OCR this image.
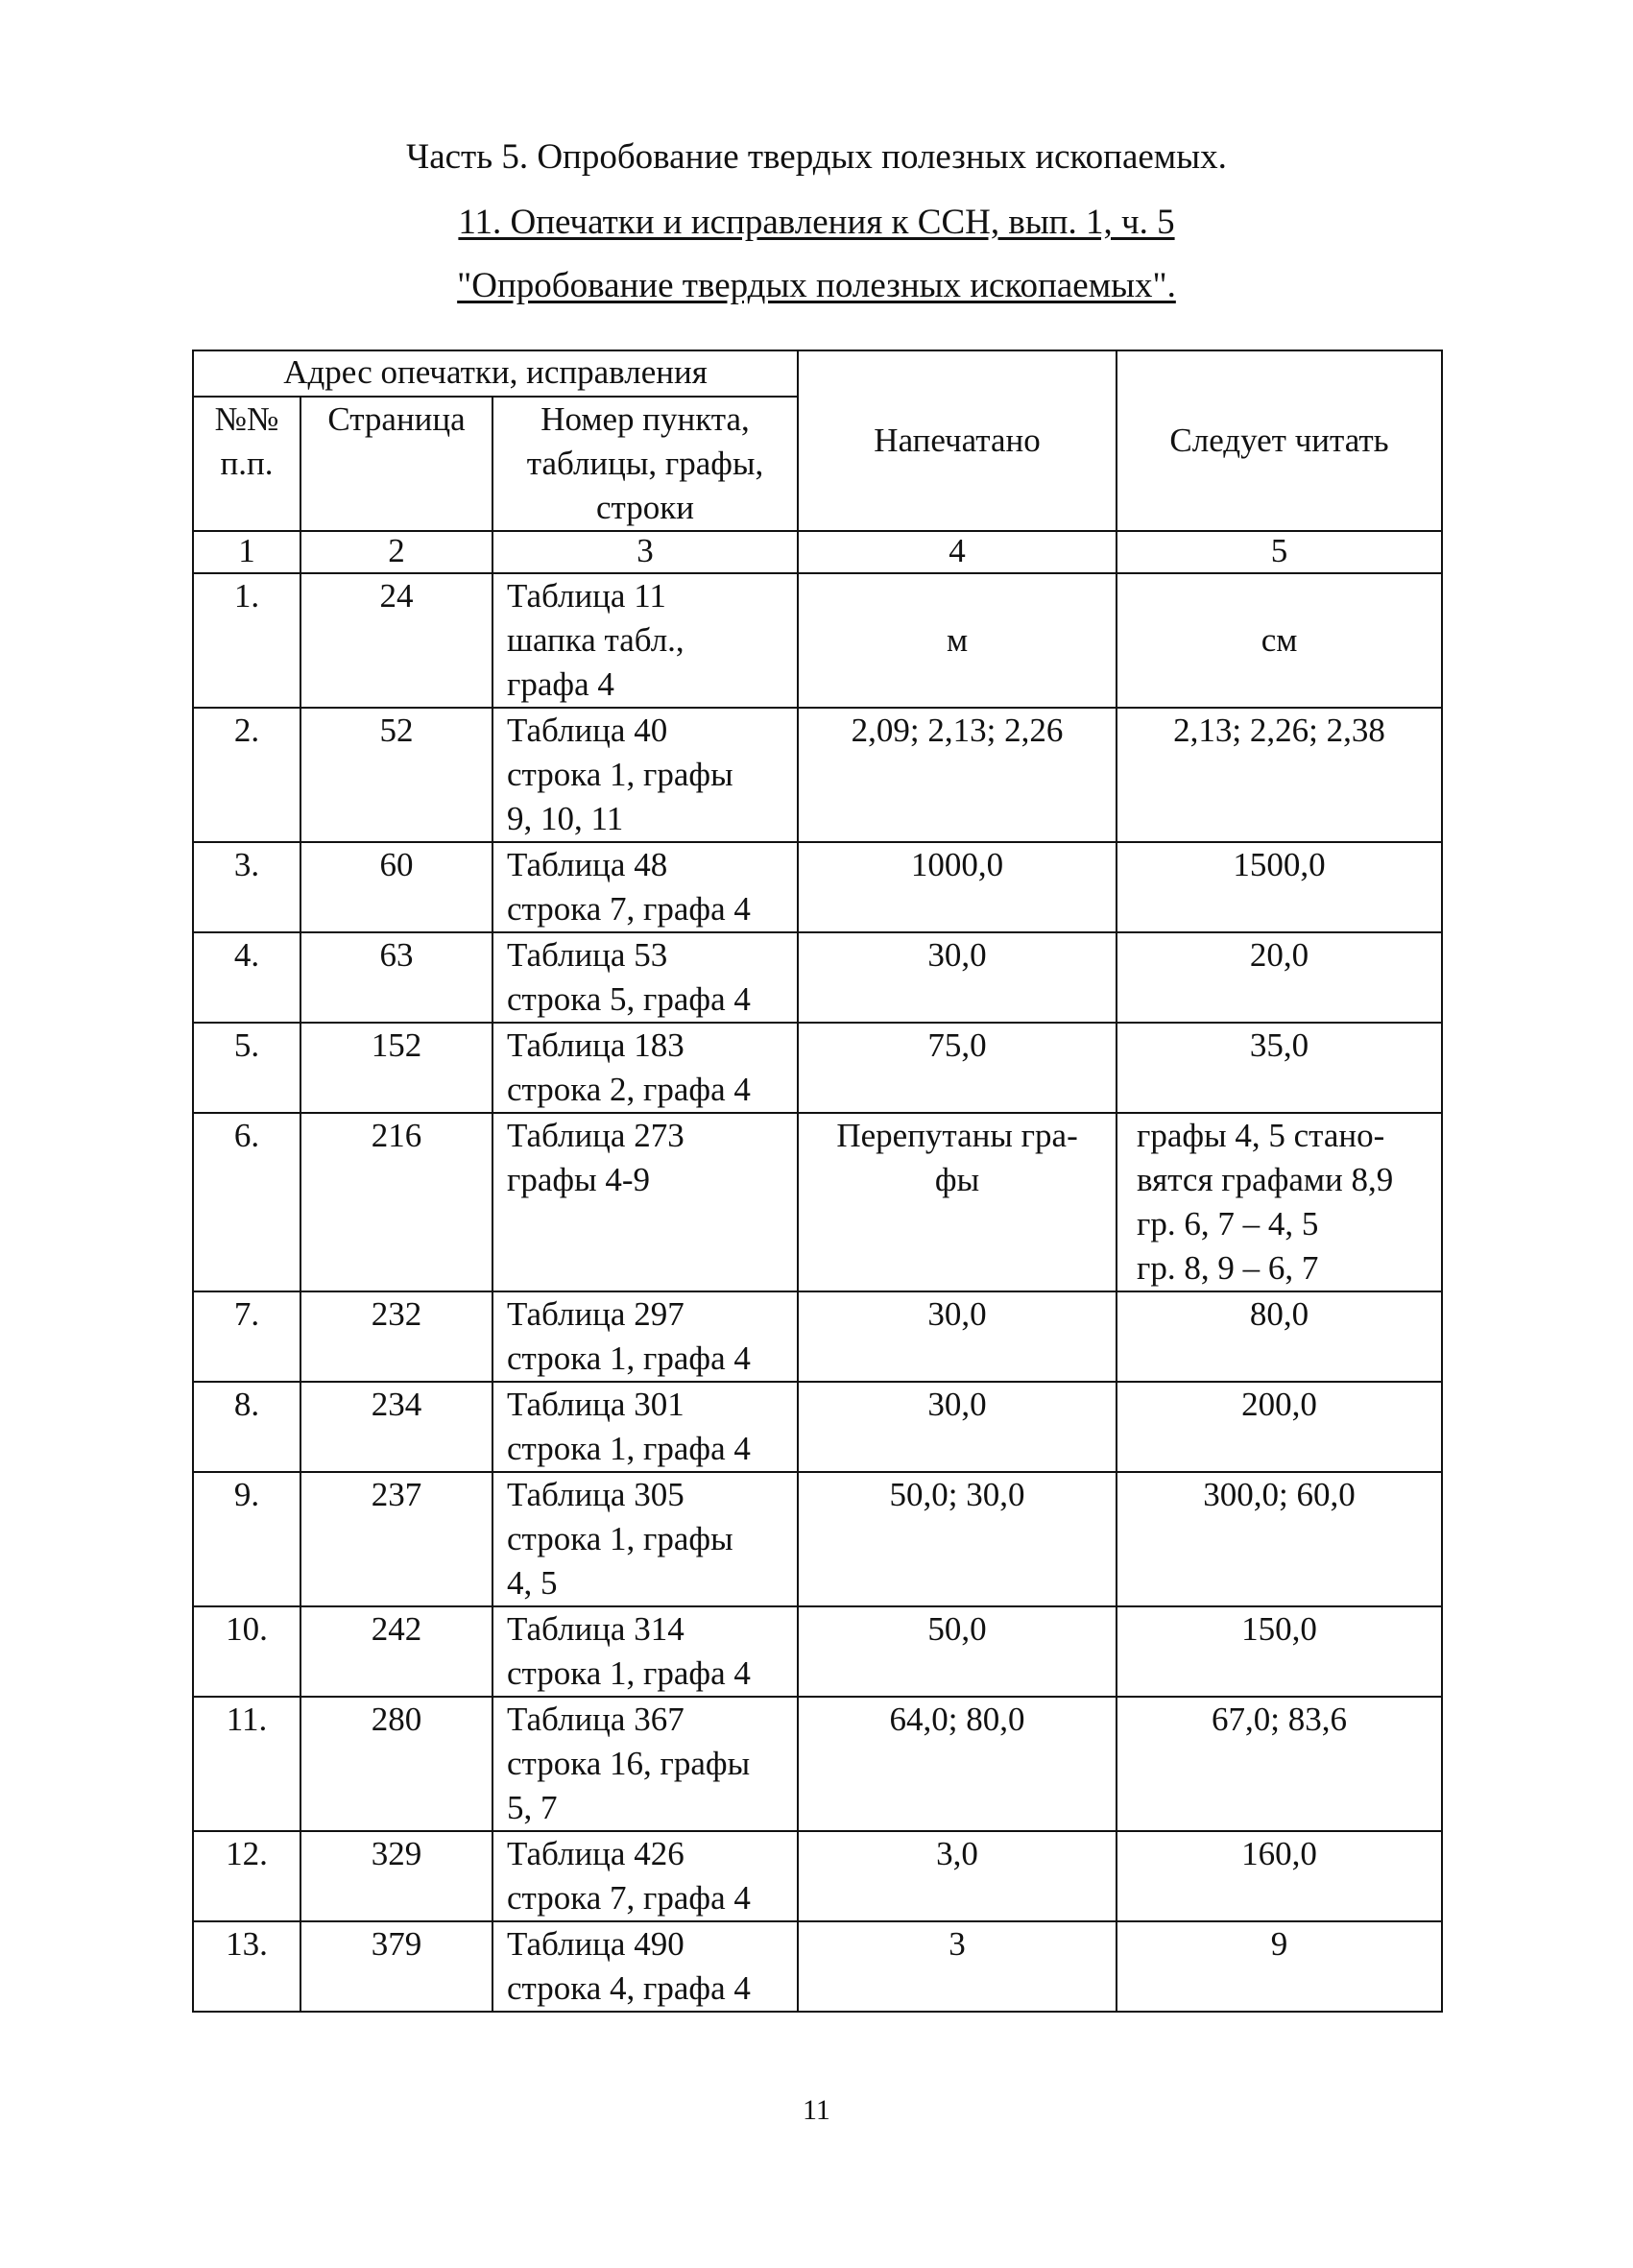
Часть 5. Опробование твердых полезных ископаемых.
11. Опечатки и исправления к ССН, вып. 1, ч. 5
"Опробование твердых полезных ископаемых".
Адрес опечатки, исправления			Напечатано	Следует читать
№№
п.п.	Страница	Номер пункта,
таблицы, графы,
строки		
1	2	3	4	5
1.	24	Таблица 11
шапка табл.,
графа 4	м	см
2.	52	Таблица 40
строка 1, графы
9, 10, 11	2,09; 2,13; 2,26	2,13; 2,26; 2,38
3.	60	Таблица 48
строка 7, графа 4	1000,0	1500,0
4.	63	Таблица 53
строка 5, графа 4	30,0	20,0
5.	152	Таблица 183
строка 2, графа 4	75,0	35,0
6.	216	Таблица 273
графы 4-9	Перепутаны гра-
фы	графы 4, 5 стано-
вятся графами 8,9
гр. 6, 7 – 4, 5
гр. 8, 9 – 6, 7
7.	232	Таблица 297
строка 1, графа 4	30,0	80,0
8.	234	Таблица 301
строка 1, графа 4	30,0	200,0
9.	237	Таблица 305
строка 1, графы
4, 5	50,0; 30,0	300,0; 60,0
10.	242	Таблица 314
строка 1, графа 4	50,0	150,0
11.	280	Таблица 367
строка 16, графы
5, 7	64,0; 80,0	67,0; 83,6
12.	329	Таблица 426
строка 7, графа 4	3,0	160,0
13.	379	Таблица 490
строка 4, графа 4	3	9
11
